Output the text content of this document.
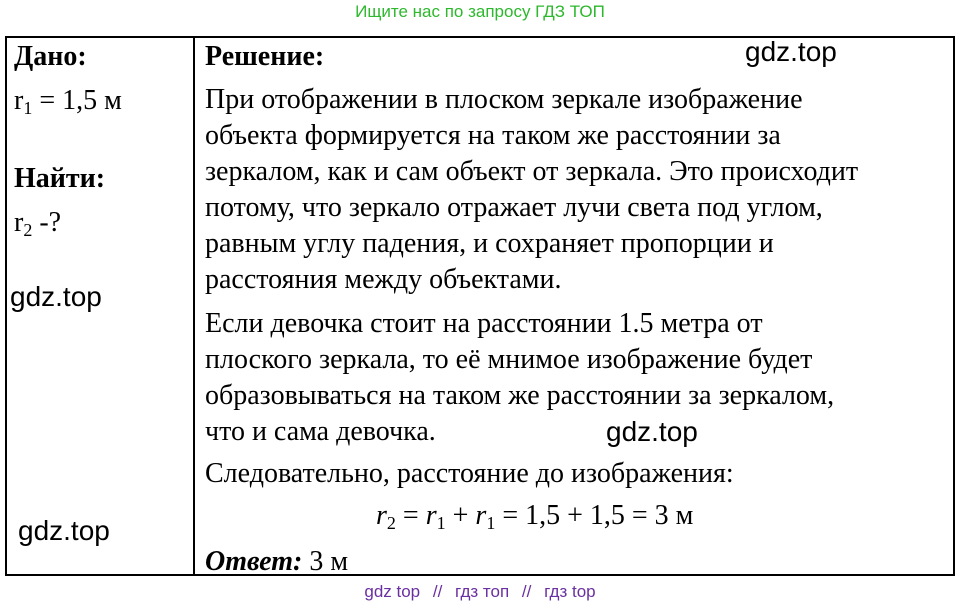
Ищите нас по запросу ГДЗ ТОП
Дано:
r1 = 1,5 м
Найти:
r2 -?
Решение:
При отображении в плоском зеркале изображение
объекта формируется на таком же расстоянии за
зеркалом, как и сам объект от зеркала. Это происходит
потому, что зеркало отражает лучи света под углом,
равным углу падения, и сохраняет пропорции и
расстояния между объектами.
Если девочка стоит на расстоянии 1.5 метра от
плоского зеркала, то её мнимое изображение будет
образовываться на таком же расстоянии за зеркалом,
что и сама девочка.
Следовательно, расстояние до изображения:
r2 = r1 + r1 = 1,5 + 1,5 = 3 м
Ответ: 3 м
gdz.top
gdz.top
gdz.top
gdz.top
gdz top // гдз топ // гдз top
